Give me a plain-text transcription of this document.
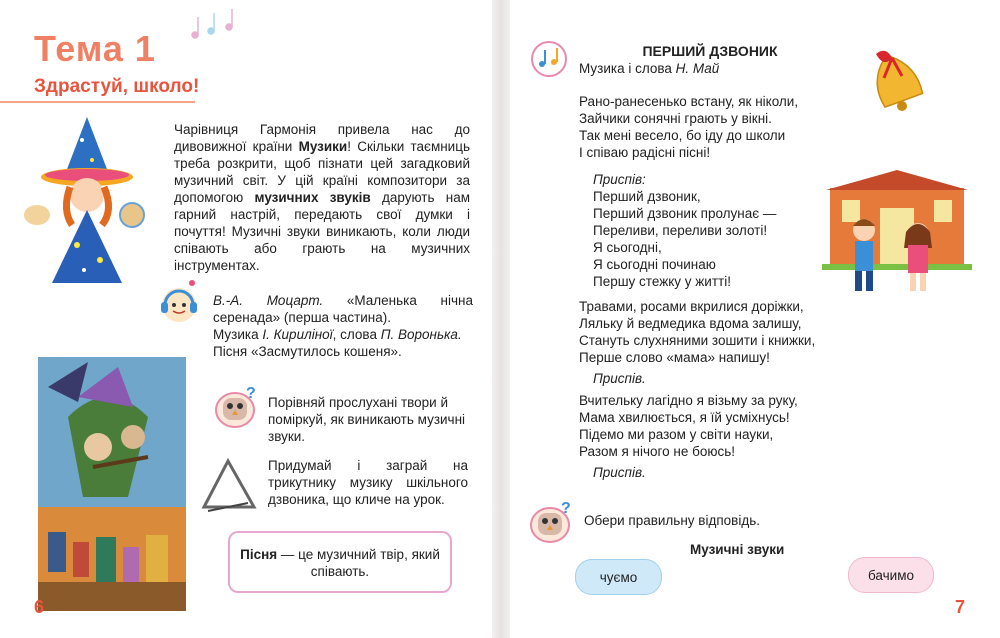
Тема 1
Здрастуй, школо!
Чарівниця Гармонія привела нас до дивовижної країни Музики! Скільки таємниць треба розкрити, щоб пізнати цей загадковий музичний світ. У цій країні композитори за допомогою музичних звуків дарують нам гарний настрій, передають свої думки і почуття! Музичні звуки виникають, коли люди співають або грають на музичних інструментах.
В.-А. Моцарт. «Маленька нічна серенада» (перша частина).
Музика І. Кириліної, слова П. Воронька.
Пісня «Засмутилось кошеня».
?
Порівняй прослухані твори й поміркуй, як виникають музичні звуки.
Придумай і заграй на трикутнику музику шкільного дзвоника, що кличе на урок.
Пісня — це музичний твір, який співають.
6
ПЕРШИЙ ДЗВОНИК
Музика і слова Н. Май
Рано-ранесенько встану, як ніколи,
Зайчики сонячні грають у вікні.
Так мені весело, бо іду до школи
І співаю радісні пісні!
Приспів:
Перший дзвоник,
Перший дзвоник пролунає —
Переливи, переливи золоті!
Я сьогодні,
Я сьогодні починаю
Першу стежку у житті!
Травами, росами вкрилися доріжки,
Ляльку й ведмедика вдома залишу,
Стануть слухняними зошити і книжки,
Перше слово «мама» напишу!
Приспів.
Вчительку лагідно я візьму за руку,
Мама хвилюється, я їй усміхнусь!
Підемо ми разом у світи науки,
Разом я нічого не боюсь!
Приспів.
?
Обери правильну відповідь.
Музичні звуки
чуємо	бачимо
7
